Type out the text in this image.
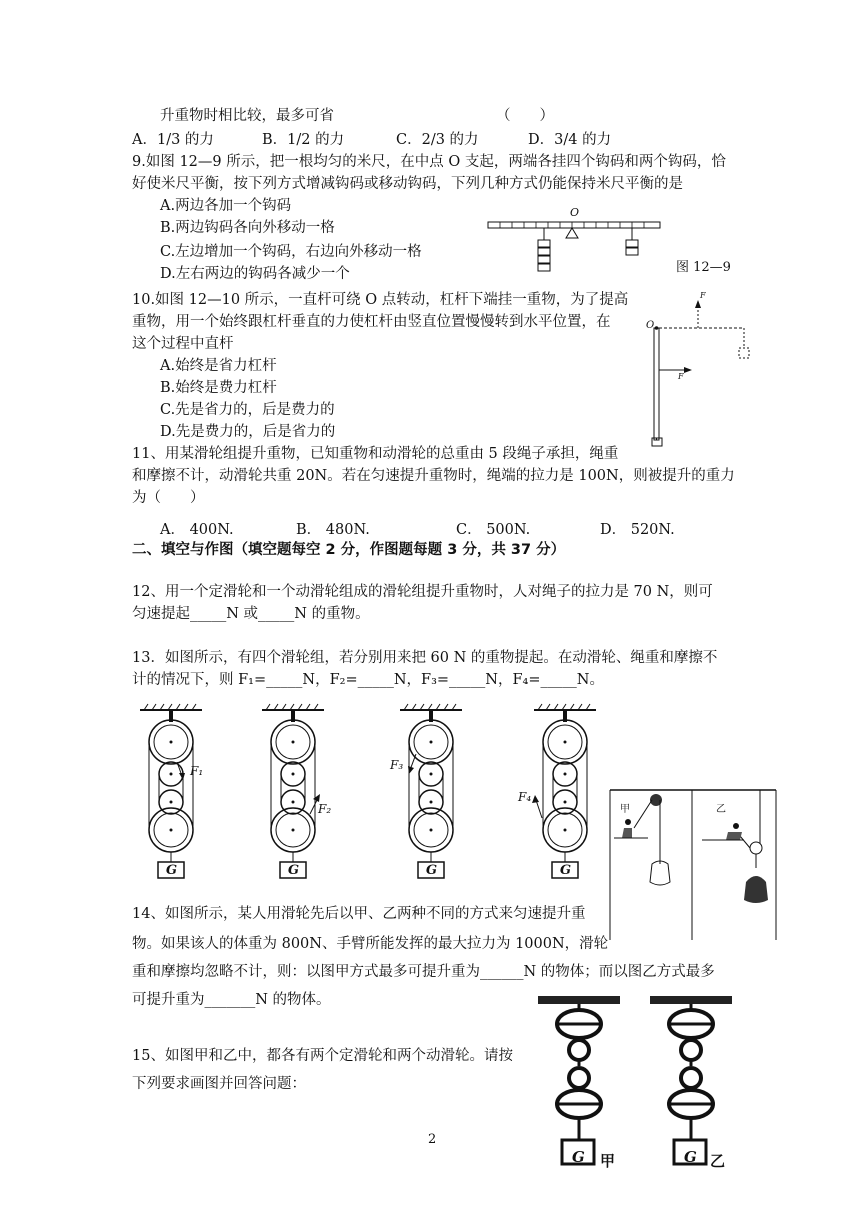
升重物时相比较，最多可省	（　　）
A．1/3 的力	B．1/2 的力	C．2/3 的力	D．3/4 的力
9.如图 12—9 所示，把一根均匀的米尺，在中点 O 支起，两端各挂四个钩码和两个钩码，恰
好使米尺平衡，按下列方式增减钩码或移动钩码，下列几种方式仍能保持米尺平衡的是
A.两边各加一个钩码
B.两边钩码各向外移动一格
C.左边增加一个钩码，右边向外移动一格
D.左右两边的钩码各减少一个
O
图 12—9
10.如图 12—10 所示，一直杆可绕 O 点转动，杠杆下端挂一重物，为了提高
重物，用一个始终跟杠杆垂直的力使杠杆由竖直位置慢慢转到水平位置，在
这个过程中直杆
A.始终是省力杠杆
B.始终是费力杠杆
C.先是省力的，后是费力的
D.先是费力的，后是省力的
O
F
F
11、用某滑轮组提升重物，已知重物和动滑轮的总重由 5 段绳子承担，绳重
和摩擦不计，动滑轮共重 20N。若在匀速提升重物时，绳端的拉力是 100N，则被提升的重力
为（　　）
A． 400N.	B． 480N.	C． 500N.	D． 520N.
二、填空与作图（填空题每空 2 分，作图题每题 3 分，共 37 分）
12、用一个定滑轮和一个动滑轮组成的滑轮组提升重物时，人对绳子的拉力是 70 N，则可
匀速提起_____N 或_____N 的重物。
13．如图所示，有四个滑轮组，若分别用来把 60 N 的重物提起。在动滑轮、绳重和摩擦不
计的情况下，则 F₁=_____N，F₂=_____N，F₃=_____N，F₄=_____N。
F₁
F₂
F₃
F₄
G	G	G	G
甲	乙
14、如图所示，某人用滑轮先后以甲、乙两种不同的方式来匀速提升重
物。如果该人的体重为 800N、手臂所能发挥的最大拉力为 1000N，滑轮
重和摩擦均忽略不计，则：以图甲方式最多可提升重为______N 的物体；而以图乙方式最多
可提升重为_______N 的物体。
15、如图甲和乙中，都各有两个定滑轮和两个动滑轮。请按
下列要求画图并回答问题：
G	G
甲	乙
2
